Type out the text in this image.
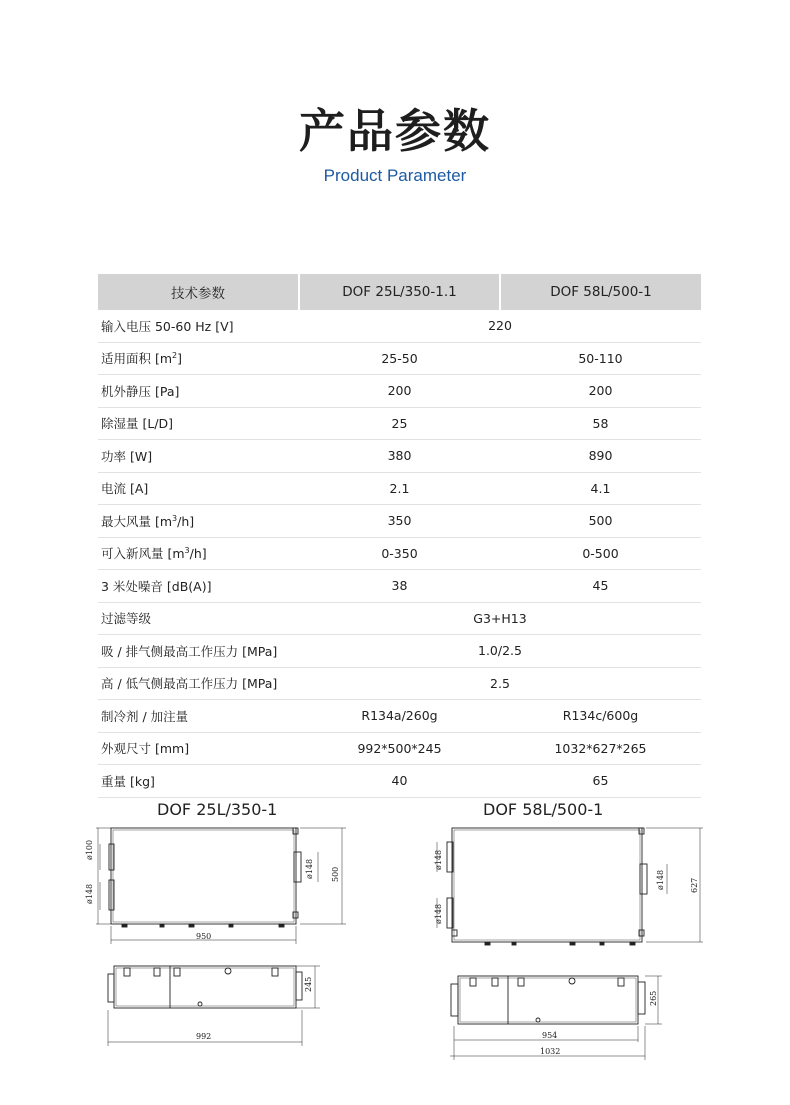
产品参数
Product Parameter
技术参数	DOF 25L/350-1.1	DOF 58L/500-1
输入电压 50-60 Hz [V]	220	
适用面积 $[m^2]$	25-50	50-110
机外静压 [Pa]	200	200
除湿量 [L/D]	25	58
功率 [W]	380	890
电流 [A]	2.1	4.1
最大风量 $[m^3/h]$	350	500
可入新风量 $[m^3/h]$	0-350	0-500
3 米处噪音 [dB(A)]	38	45
过滤等级	G3+H13	
吸 / 排气侧最高工作压力 [MPa]	1.0/2.5	
高 / 低气侧最高工作压力 [MPa]	2.5	
制冷剂 / 加注量	R134a/260g	R134c/600g
外观尺寸 [mm]	992*500*245	1032*627*265
重量 [kg]	40	65
DOF 25L/350-1	DOF 58L/500-1
ø100
ø148
ø148 500
950
245
992
ø148
ø148
ø148	627
265
954
1032
